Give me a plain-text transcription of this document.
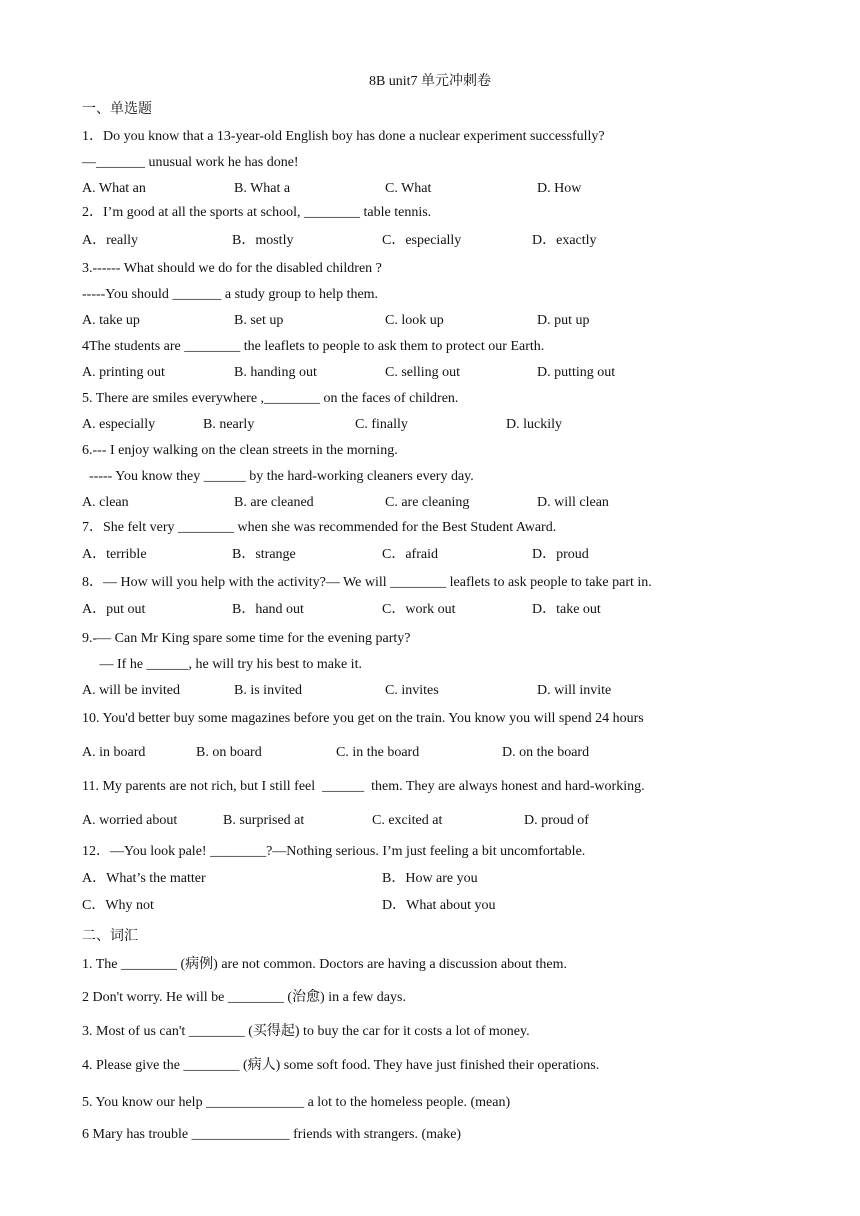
8B unit7 单元冲刺卷
一、单选题
1．Do you know that a 13-year-old English boy has done a nuclear experiment successfully?
—_______ unusual work he has done!
A. What an	B. What a	C. What	D. How
2．I’m good at all the sports at school, ________ table tennis.
A．really	B．mostly	C．especially	D．exactly
3.------ What should we do for the disabled children ?
-----You should _______ a study group to help them.
A. take up	B. set up	C. look up	D. put up
4The students are ________ the leaflets to people to ask them to protect our Earth.
A. printing out	B. handing out	C. selling out	D. putting out
5. There are smiles everywhere ,________ on the faces of children.
A. especially	B. nearly	C. finally	D. luckily
6.--- I enjoy walking on the clean streets in the morning.
----- You know they ______ by the hard-working cleaners every day.
A. clean	B. are cleaned	C. are cleaning	D. will clean
7．She felt very ________ when she was recommended for the Best Student Award.
A．terrible	B．strange	C．afraid	D．proud
8．— How will you help with the activity?— We will ________ leaflets to ask people to take part in.
A．put out	B．hand out	C．work out	D．take out
9.-— Can Mr King spare some time for the evening party?
— If he ______, he will try his best to make it.
A. will be invited	B. is invited	C. invites	D. will invite
10. You'd better buy some magazines before you get on the train. You know you will spend 24 hours
A. in board	B. on board	C. in the board	D. on the board
11. My parents are not rich, but I still feel  ______  them. They are always honest and hard-working.
A. worried about	B. surprised at	C. excited at	D. proud of
12．—You look pale! ________?—Nothing serious. I’m just feeling a bit uncomfortable.
A．What’s the matter	B．How are you
C．Why not	D．What about you
二、词汇
1. The ________ (病例) are not common. Doctors are having a discussion about them.
2 Don't worry. He will be ________ (治愈) in a few days.
3. Most of us can't ________ (买得起) to buy the car for it costs a lot of money.
4. Please give the ________ (病人) some soft food. They have just finished their operations.
5. You know our help ______________ a lot to the homeless people. (mean)
6 Mary has trouble ______________ friends with strangers. (make)
